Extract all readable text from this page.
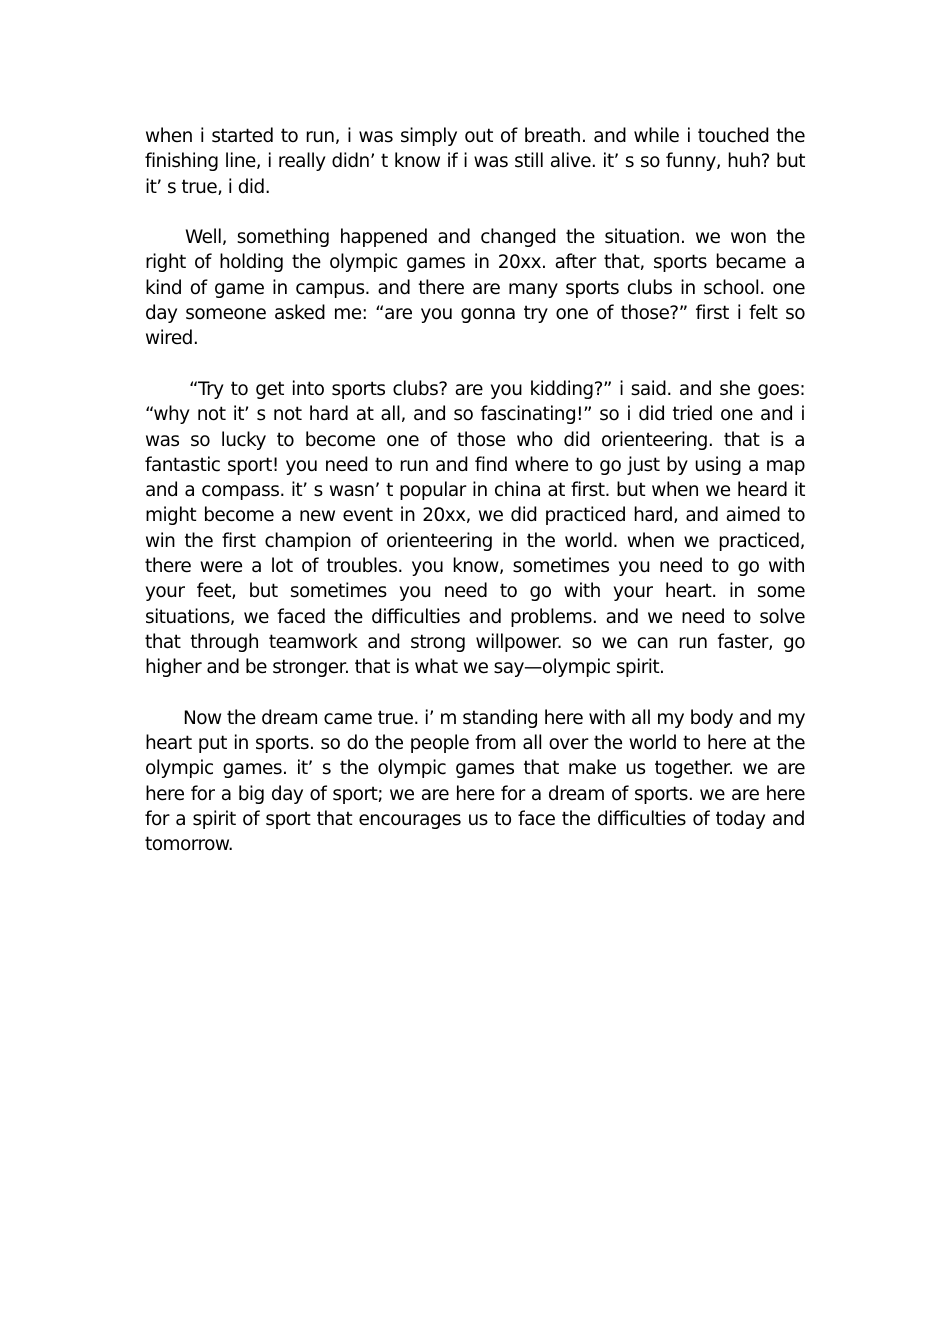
when i started to run, i was simply out of breath. and while i touched the finishing line, i really didn’ t know if i was still alive. it’ s so funny, huh? but it’ s true, i did.

Well, something happened and changed the situation. we won the right of holding the olympic games in 20xx. after that, sports became a kind of game in campus. and there are many sports clubs in school. one day someone asked me: “are you gonna try one of those?” first i felt so wired.

“Try to get into sports clubs? are you kidding?” i said. and she goes: “why not it’ s not hard at all, and so fascinating!” so i did tried one and i was so lucky to become one of those who did orienteering. that is a fantastic sport! you need to run and find where to go just by using a map and a compass. it’ s wasn’ t popular in china at first. but when we heard it might become a new event in 20xx, we did practiced hard, and aimed to win the first champion of orienteering in the world. when we practiced, there were a lot of troubles. you know, sometimes you need to go with your feet, but sometimes you need to go with your heart. in some situations, we faced the difficulties and problems. and we need to solve that through teamwork and strong willpower. so we can run faster, go higher and be stronger. that is what we say—olympic spirit.

Now the dream came true. i’ m standing here with all my body and my heart put in sports. so do the people from all over the world to here at the olympic games. it’ s the olympic games that make us together. we are here for a big day of sport; we are here for a dream of sports. we are here for a spirit of sport that encourages us to face the difficulties of today and tomorrow.
